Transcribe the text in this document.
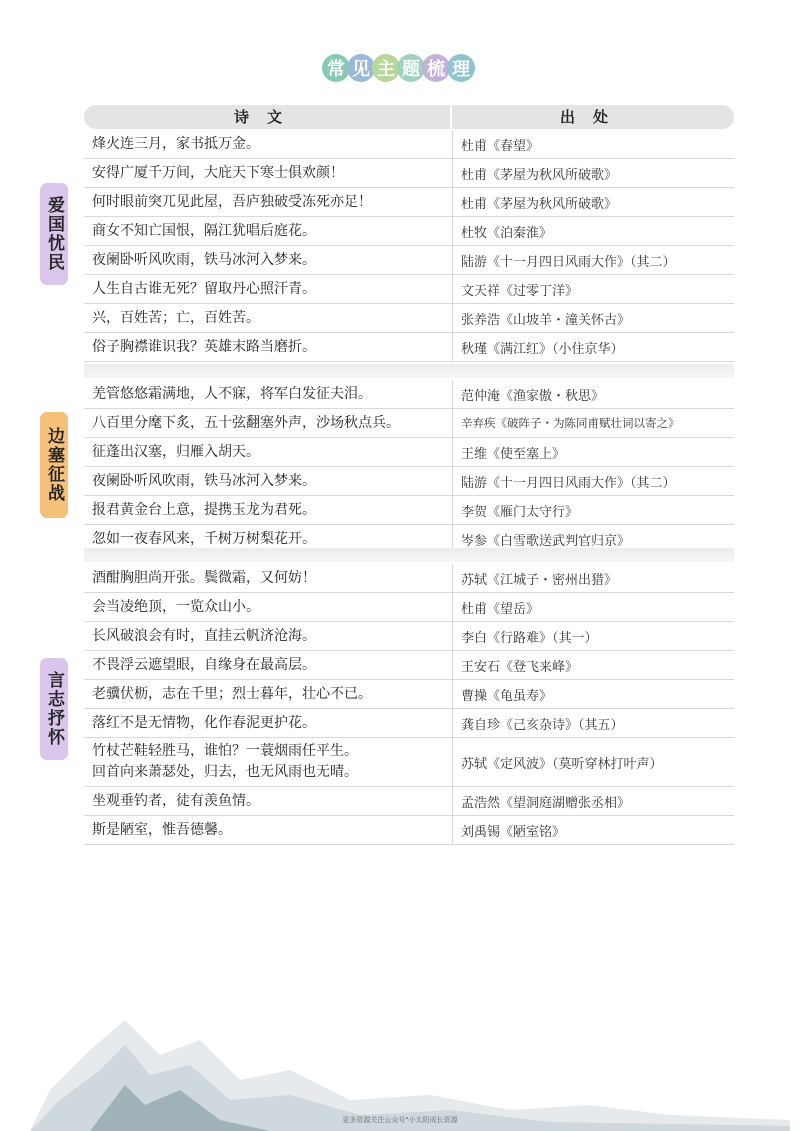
常 见 主 题 梳 理
诗文	出处
爱国忧民
烽火连三月，家书抵万金。	杜甫《春望》
安得广厦千万间，大庇天下寒士俱欢颜！	杜甫《茅屋为秋风所破歌》
何时眼前突兀见此屋，吾庐独破受冻死亦足！	杜甫《茅屋为秋风所破歌》
商女不知亡国恨，隔江犹唱后庭花。	杜牧《泊秦淮》
夜阑卧听风吹雨，铁马冰河入梦来。	陆游《十一月四日风雨大作》（其二）
人生自古谁无死？留取丹心照汗青。	文天祥《过零丁洋》
兴，百姓苦；亡，百姓苦。	张养浩《山坡羊・潼关怀古》
俗子胸襟谁识我？英雄末路当磨折。	秋瑾《满江红》（小住京华）
边塞征战
羌管悠悠霜满地，人不寐，将军白发征夫泪。	范仲淹《渔家傲・秋思》
八百里分麾下炙，五十弦翻塞外声，沙场秋点兵。	辛弃疾《破阵子・为陈同甫赋壮词以寄之》
征蓬出汉塞，归雁入胡天。	王维《使至塞上》
夜阑卧听风吹雨，铁马冰河入梦来。	陆游《十一月四日风雨大作》（其二）
报君黄金台上意，提携玉龙为君死。	李贺《雁门太守行》
忽如一夜春风来，千树万树梨花开。	岑参《白雪歌送武判官归京》
言志抒怀
酒酣胸胆尚开张。鬓微霜，又何妨！	苏轼《江城子・密州出猎》
会当凌绝顶，一览众山小。	杜甫《望岳》
长风破浪会有时，直挂云帆济沧海。	李白《行路难》（其一）
不畏浮云遮望眼，自缘身在最高层。	王安石《登飞来峰》
老骥伏枥，志在千里；烈士暮年，壮心不已。	曹操《龟虽寿》
落红不是无情物，化作春泥更护花。	龚自珍《己亥杂诗》（其五）
竹杖芒鞋轻胜马，谁怕？一蓑烟雨任平生。
回首向来萧瑟处，归去，也无风雨也无晴。	苏轼《定风波》（莫听穿林打叶声）
坐观垂钓者，徒有羡鱼情。	孟浩然《望洞庭湖赠张丞相》
斯是陋室，惟吾德馨。	刘禹锡《陋室铭》
更多资源关注公众号"小太阳成长资源
